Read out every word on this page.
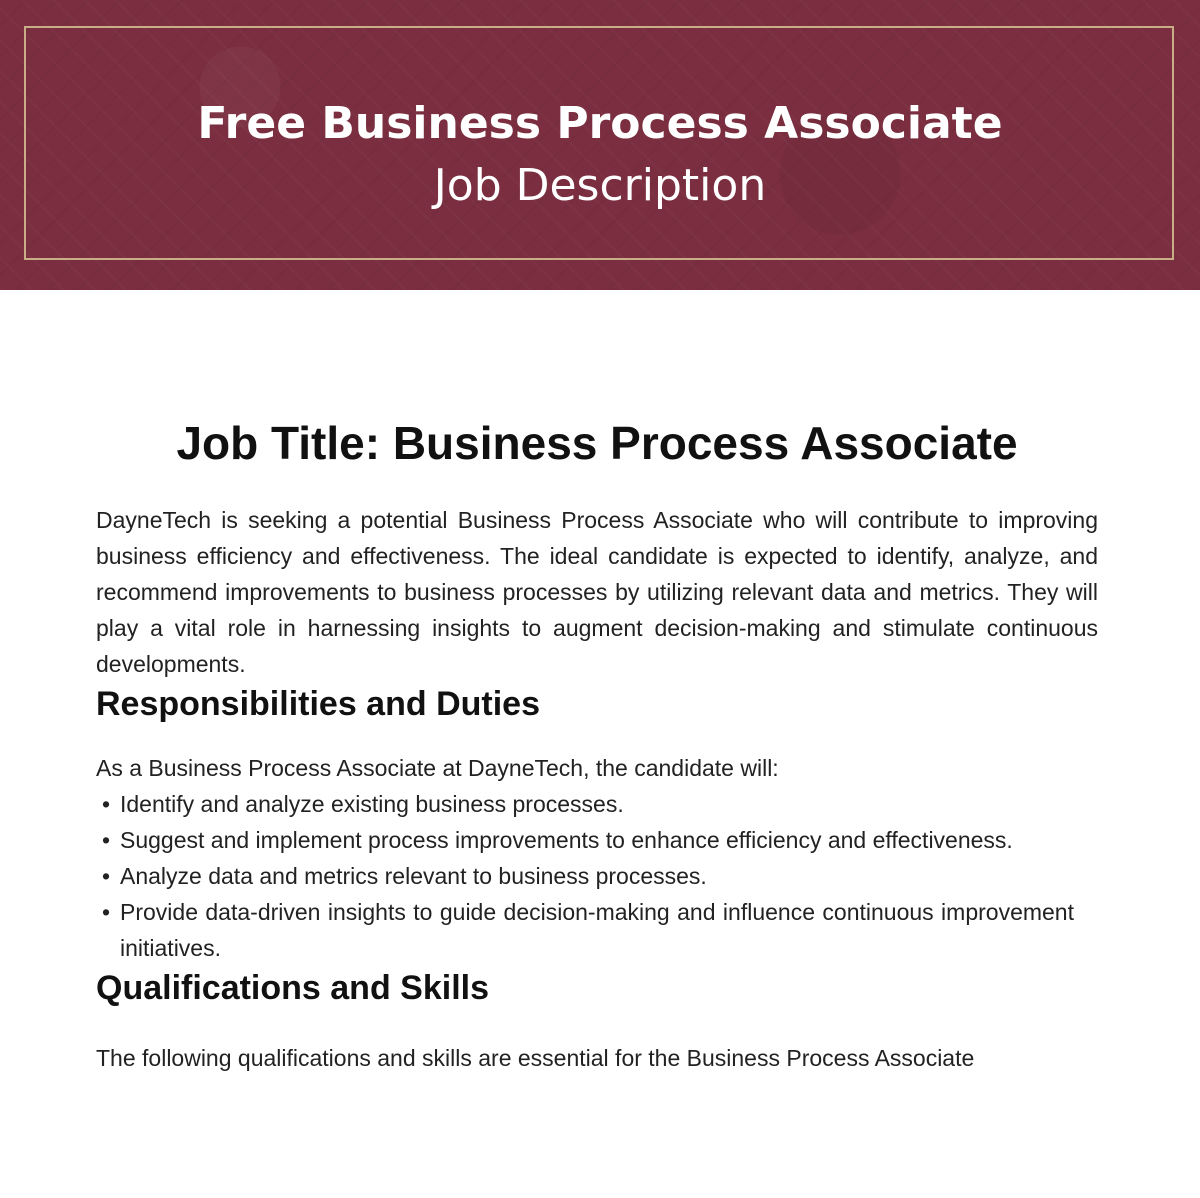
Free Business Process Associate
Job Description
Job Title: Business Process Associate

DayneTech is seeking a potential Business Process Associate who will contribute to improving business efficiency and effectiveness. The ideal candidate is expected to identify, analyze, and recommend improvements to business processes by utilizing relevant data and metrics. They will play a vital role in harnessing insights to augment decision-making and stimulate continuous developments.

Responsibilities and Duties
As a Business Process Associate at DayneTech, the candidate will:
• Identify and analyze existing business processes.
• Suggest and implement process improvements to enhance efficiency and effectiveness.
• Analyze data and metrics relevant to business processes.
• Provide data-driven insights to guide decision-making and influence continuous improvement initiatives.
Qualifications and Skills

The following qualifications and skills are essential for the Business Process Associate
